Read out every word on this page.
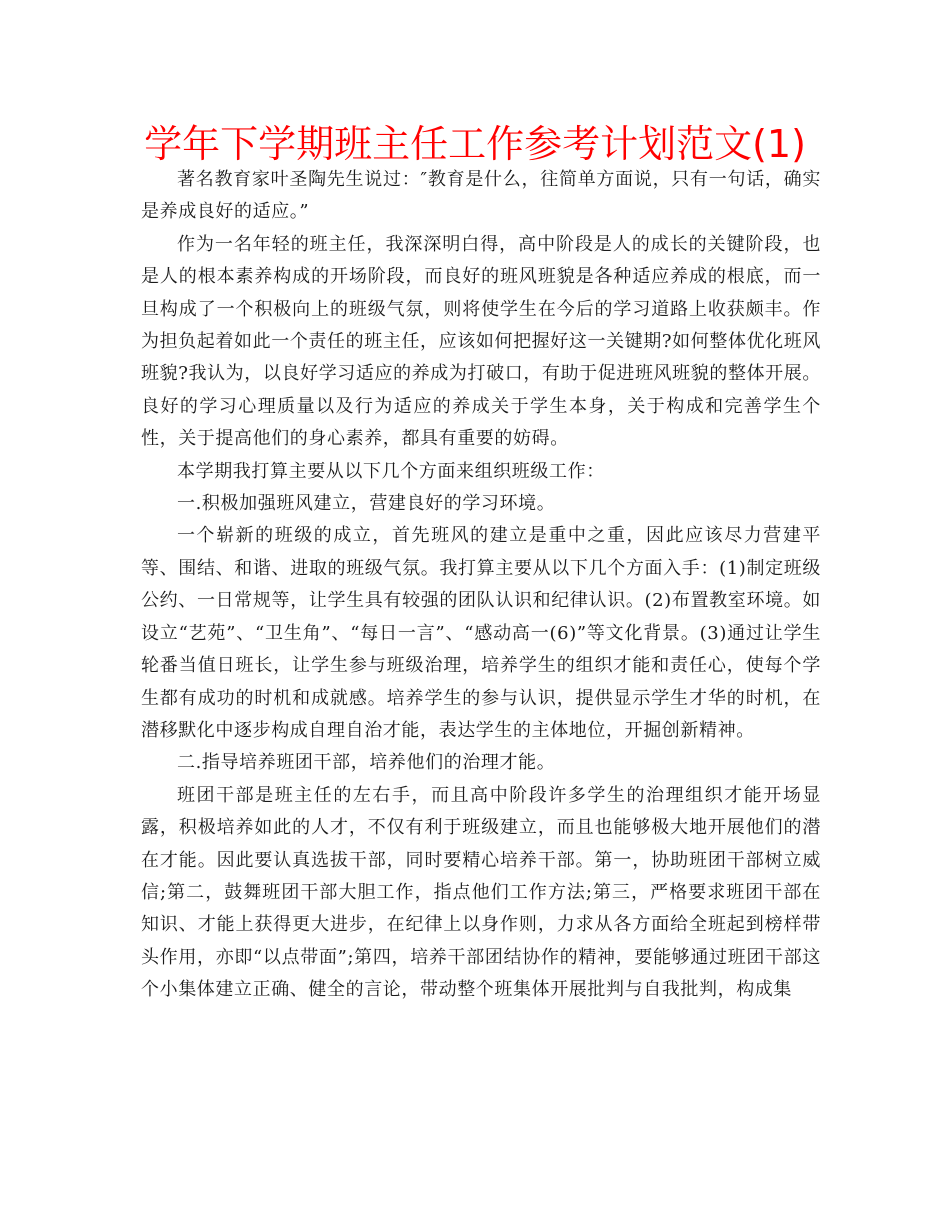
学年下学期班主任工作参考计划范文(1)

著名教育家叶圣陶先生说过：″教育是什么，往简单方面说，只有一句话，确实是养成良好的适应。”

作为一名年轻的班主任，我深深明白得，高中阶段是人的成长的关键阶段，也是人的根本素养构成的开场阶段，而良好的班风班貌是各种适应养成的根底，而一旦构成了一个积极向上的班级气氛，则将使学生在今后的学习道路上收获颇丰。作为担负起着如此一个责任的班主任，应该如何把握好这一关键期?如何整体优化班风班貌?我认为，以良好学习适应的养成为打破口，有助于促进班风班貌的整体开展。良好的学习心理质量以及行为适应的养成关于学生本身，关于构成和完善学生个性，关于提高他们的身心素养，都具有重要的妨碍。

本学期我打算主要从以下几个方面来组织班级工作：

一.积极加强班风建立，营建良好的学习环境。

一个崭新的班级的成立，首先班风的建立是重中之重，因此应该尽力营建平等、围结、和谐、进取的班级气氛。我打算主要从以下几个方面入手：(1)制定班级公约、一日常规等，让学生具有较强的团队认识和纪律认识。(2)布置教室环境。如设立“艺苑”、“卫生角”、“每日一言”、“感动高一(6)”等文化背景。(3)通过让学生轮番当值日班长，让学生参与班级治理，培养学生的组织才能和责任心，使每个学生都有成功的时机和成就感。培养学生的参与认识，提供显示学生才华的时机，在潜移默化中逐步构成自理自治才能，表达学生的主体地位，开掘创新精神。

二.指导培养班团干部，培养他们的治理才能。

班团干部是班主任的左右手，而且高中阶段许多学生的治理组织才能开场显露，积极培养如此的人才，不仅有利于班级建立，而且也能够极大地开展他们的潜在才能。因此要认真选拔干部，同时要精心培养干部。第一，协助班团干部树立威信;第二，鼓舞班团干部大胆工作，指点他们工作方法;第三，严格要求班团干部在知识、才能上获得更大进步，在纪律上以身作则，力求从各方面给全班起到榜样带头作用，亦即“以点带面”;第四，培养干部团结协作的精神，要能够通过班团干部这个小集体建立正确、健全的言论，带动整个班集体开展批判与自我批判，构成集
